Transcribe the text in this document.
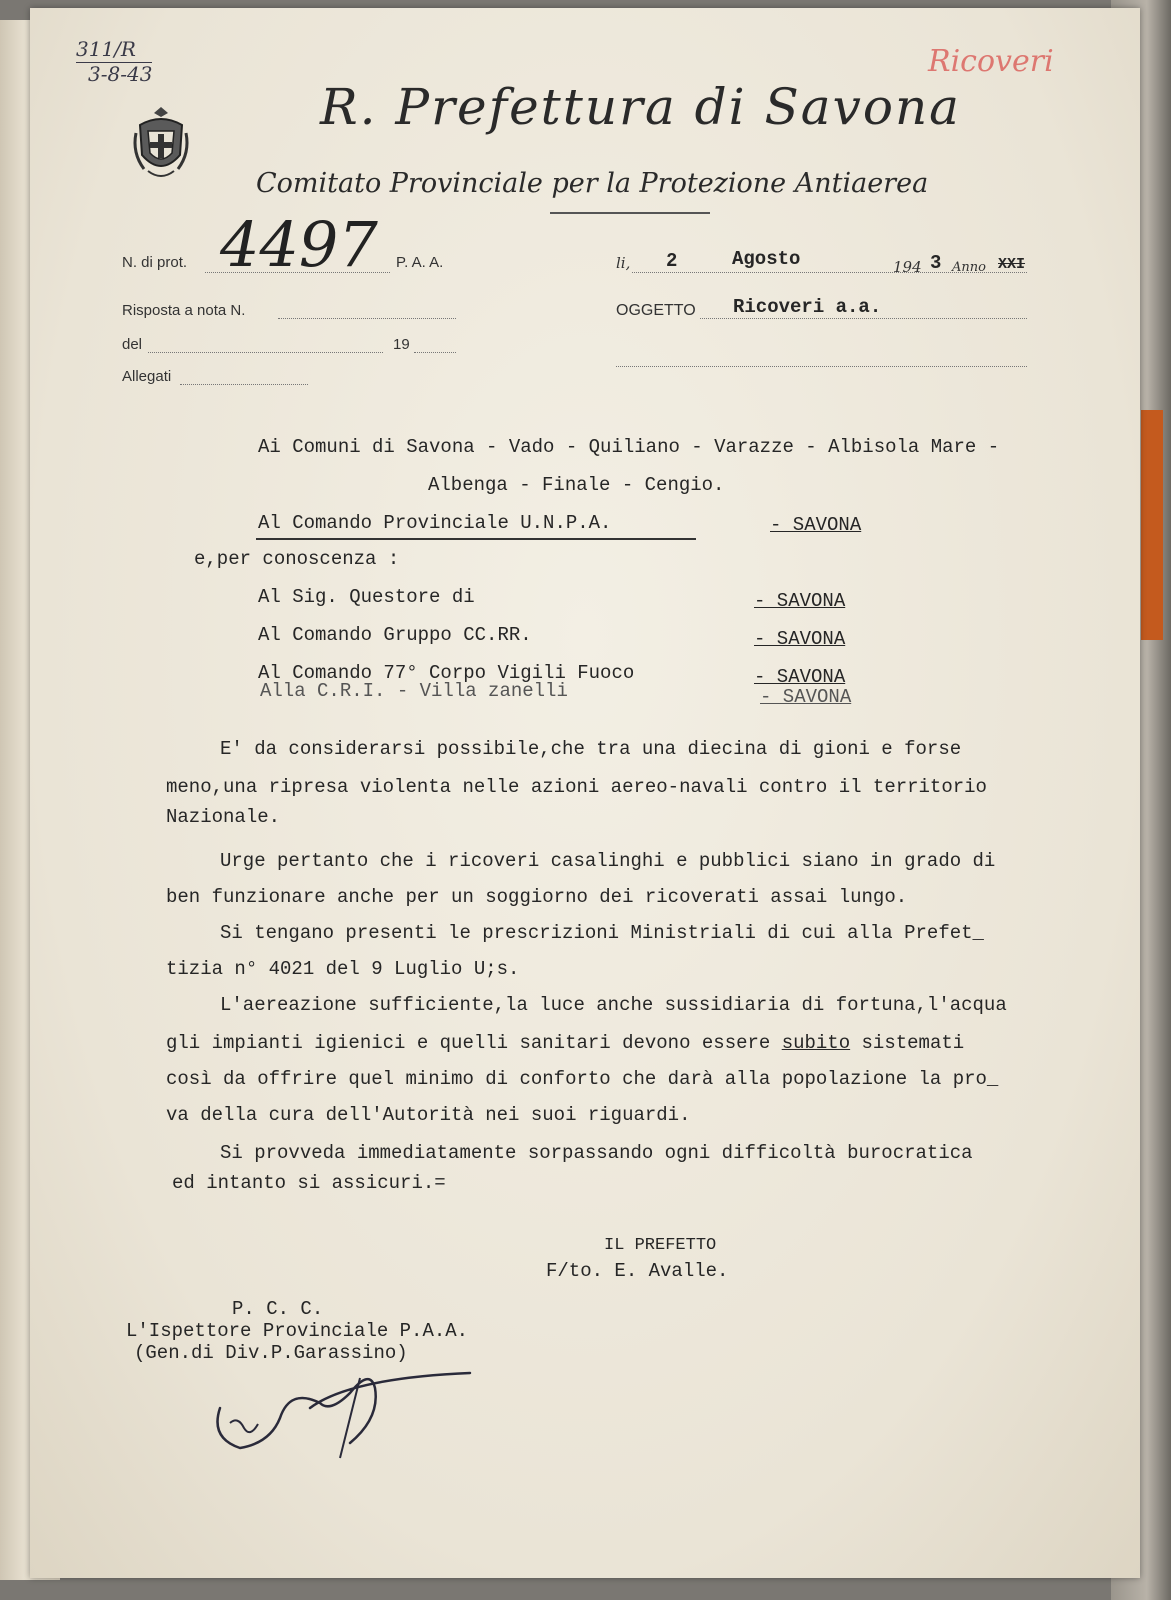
311/R
3-8-43	Ricoveri
R. Prefettura di Savona
Comitato Provinciale per la Protezione Antiaerea
N. di prot. 4497 P. A. A.
Risposta a nota N.
del	19
Allegati
li, 2	Agosto	194 3 Anno XXI
OGGETTO Ricoveri a.a.
Ai Comuni di Savona - Vado - Quiliano - Varazze - Albisola Mare -
Albenga - Finale - Cengio.
Al Comando Provinciale U.N.P.A.	- SAVONA
e,per conoscenza :
Al Sig. Questore di	- SAVONA
Al Comando Gruppo CC.RR.	- SAVONA
Al Comando 77° Corpo Vigili Fuoco	- SAVONA
Alla C.R.I. - Villa zanelli	- SAVONA
E' da considerarsi possibile,che tra una diecina di gioni e forse
meno,una ripresa violenta nelle azioni aereo-navali contro il territorio
Nazionale.
Urge pertanto che i ricoveri casalinghi e pubblici siano in grado di
ben funzionare anche per un soggiorno dei ricoverati assai lungo.
Si tengano presenti le prescrizioni Ministriali di cui alla Prefet_
tizia n° 4021 del 9 Luglio U;s.
L'aereazione sufficiente,la luce anche sussidiaria di fortuna,l'acqua
gli impianti igienici e quelli sanitari devono essere subito sistemati
così da offrire quel minimo di conforto che darà alla popolazione la pro_
va della cura dell'Autorità nei suoi riguardi.
Si provveda immediatamente sorpassando ogni difficoltà burocratica
ed intanto si assicuri.=
IL PREFETTO
F/to. E. Avalle.
P. C. C.
L'Ispettore Provinciale P.A.A.
(Gen.di Div.P.Garassino)
